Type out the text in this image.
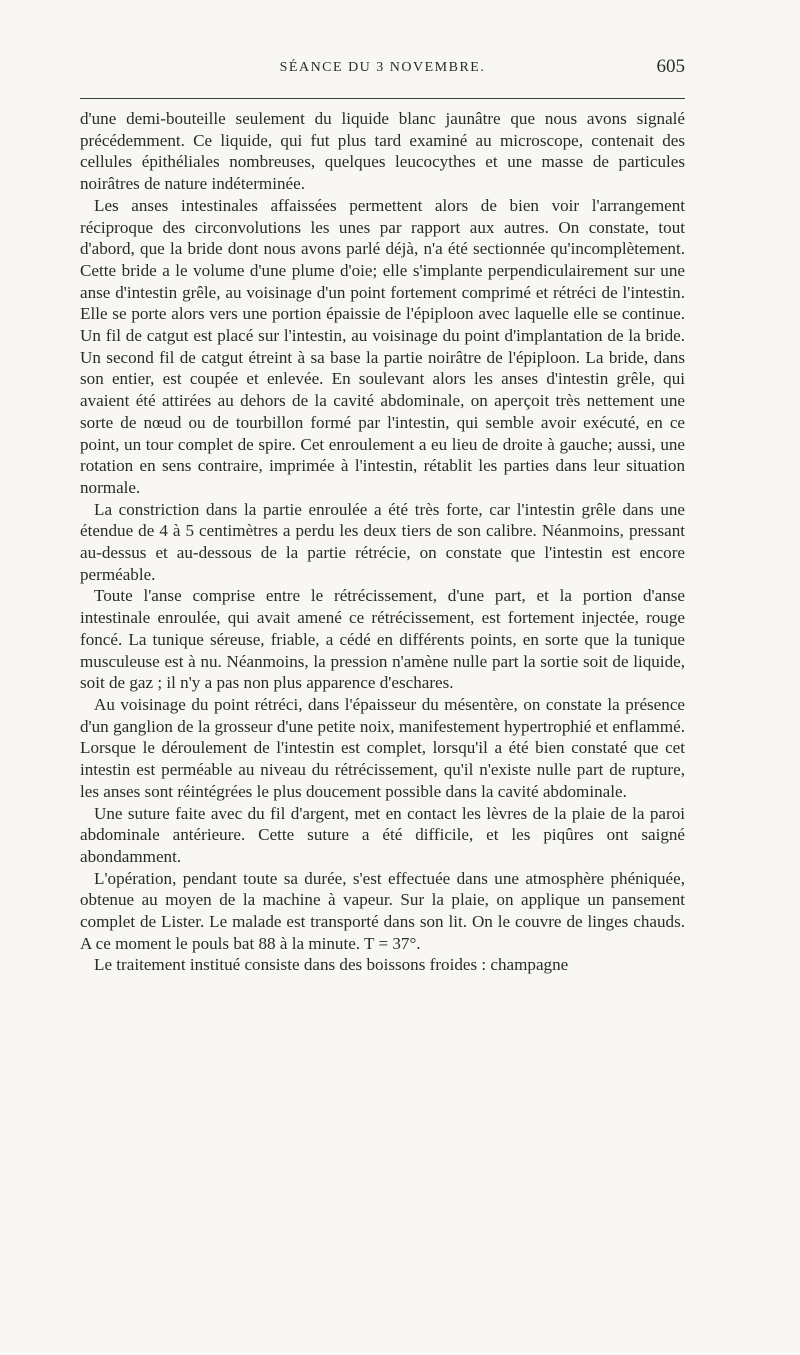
SÉANCE DU 3 NOVEMBRE.	605

d'une demi-bouteille seulement du liquide blanc jaunâtre que nous avons signalé précédemment. Ce liquide, qui fut plus tard examiné au microscope, contenait des cellules épithéliales nombreuses, quelques leucocythes et une masse de particules noirâtres de nature indéterminée.

Les anses intestinales affaissées permettent alors de bien voir l'arrangement réciproque des circonvolutions les unes par rapport aux autres. On constate, tout d'abord, que la bride dont nous avons parlé déjà, n'a été sectionnée qu'incomplètement. Cette bride a le volume d'une plume d'oie; elle s'implante perpendiculairement sur une anse d'intestin grêle, au voisinage d'un point fortement comprimé et rétréci de l'intestin. Elle se porte alors vers une portion épaissie de l'épiploon avec laquelle elle se continue. Un fil de catgut est placé sur l'intestin, au voisinage du point d'implantation de la bride. Un second fil de catgut étreint à sa base la partie noirâtre de l'épiploon. La bride, dans son entier, est coupée et enlevée. En soulevant alors les anses d'intestin grêle, qui avaient été attirées au dehors de la cavité abdominale, on aperçoit très nettement une sorte de nœud ou de tourbillon formé par l'intestin, qui semble avoir exécuté, en ce point, un tour complet de spire. Cet enroulement a eu lieu de droite à gauche; aussi, une rotation en sens contraire, imprimée à l'intestin, rétablit les parties dans leur situation normale.

La constriction dans la partie enroulée a été très forte, car l'intestin grêle dans une étendue de 4 à 5 centimètres a perdu les deux tiers de son calibre. Néanmoins, pressant au-dessus et au-dessous de la partie rétrécie, on constate que l'intestin est encore perméable.

Toute l'anse comprise entre le rétrécissement, d'une part, et la portion d'anse intestinale enroulée, qui avait amené ce rétrécissement, est fortement injectée, rouge foncé. La tunique séreuse, friable, a cédé en différents points, en sorte que la tunique musculeuse est à nu. Néanmoins, la pression n'amène nulle part la sortie soit de liquide, soit de gaz ; il n'y a pas non plus apparence d'eschares.

Au voisinage du point rétréci, dans l'épaisseur du mésentère, on constate la présence d'un ganglion de la grosseur d'une petite noix, manifestement hypertrophié et enflammé. Lorsque le déroulement de l'intestin est complet, lorsqu'il a été bien constaté que cet intestin est perméable au niveau du rétrécissement, qu'il n'existe nulle part de rupture, les anses sont réintégrées le plus doucement possible dans la cavité abdominale.

Une suture faite avec du fil d'argent, met en contact les lèvres de la plaie de la paroi abdominale antérieure. Cette suture a été difficile, et les piqûres ont saigné abondamment.

L'opération, pendant toute sa durée, s'est effectuée dans une atmosphère phéniquée, obtenue au moyen de la machine à vapeur. Sur la plaie, on applique un pansement complet de Lister. Le malade est transporté dans son lit. On le couvre de linges chauds. A ce moment le pouls bat 88 à la minute. T = 37°.

Le traitement institué consiste dans des boissons froides : champagne
